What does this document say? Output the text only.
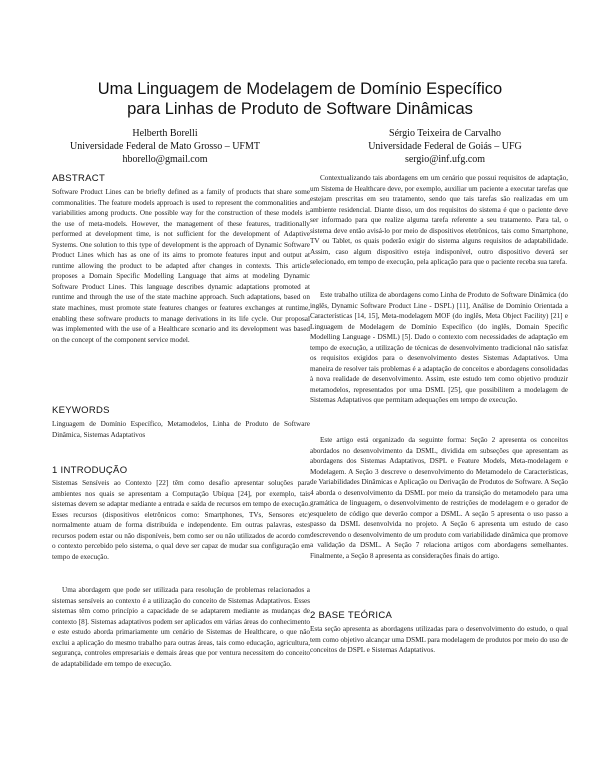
Uma Linguagem de Modelagem de Domínio Específico
para Linhas de Produto de Software Dinâmicas
Helberth Borelli
Universidade Federal de Mato Grosso – UFMT
hborello@gmail.com
Sérgio Teixeira de Carvalho
Universidade Federal de Goiás – UFG
sergio@inf.ufg.com
ABSTRACT

Software Product Lines can be briefly defined as a family of products that share some commonalities. The feature models approach is used to represent the commonalities and variabilities among products. One possible way for the construction of these models is the use of meta-models. However, the management of these features, traditionally performed at development time, is not sufficient for the development of Adaptive Systems. One solution to this type of development is the approach of Dynamic Software Product Lines which has as one of its aims to promote features input and output at runtime allowing the product to be adapted after changes in contexts. This article proposes a Domain Specific Modelling Language that aims at modeling Dynamic Software Product Lines. This language describes dynamic adaptations promoted at runtime and through the use of the state machine approach. Such adaptations, based on state machines, must promote state features changes or features exchanges at runtime, enabling these software products to manage derivations in its life cycle. Our proposal was implemented with the use of a Healthcare scenario and its development was based on the concept of the component service model.

KEYWORDS

Linguagem de Domínio Específico, Metamodelos, Linha de Produto de Software Dinâmica, Sistemas Adaptativos

1 INTRODUÇÃO

Sistemas Sensíveis ao Contexto [22] têm como desafio apresentar soluções para ambientes nos quais se apresentam a Computação Ubíqua [24], por exemplo, tais sistemas devem se adaptar mediante a entrada e saída de recursos em tempo de execução. Esses recursos (dispositivos eletrônicos como: Smartphones, TVs, Sensores etc) normalmente atuam de forma distribuída e independente. Em outras palavras, estes recursos podem estar ou não disponíveis, bem como ser ou não utilizados de acordo com o contexto percebido pelo sistema, o qual deve ser capaz de mudar sua configuração em tempo de execução.

Uma abordagem que pode ser utilizada para resolução de problemas relacionados a sistemas sensíveis ao contexto é a utilização do conceito de Sistemas Adaptativos. Esses sistemas têm como princípio a capacidade de se adaptarem mediante as mudanças de contexto [8]. Sistemas adaptativos podem ser aplicados em várias áreas do conhecimento e este estudo aborda primariamente um cenário de Sistemas de Healthcare, o que não exclui a aplicação do mesmo trabalho para outras áreas, tais como educação, agricultura, segurança, controles empresariais e demais áreas que por ventura necessitem do conceito de adaptabilidade em tempo de execução.

Contextualizando tais abordagens em um cenário que possui requisitos de adaptação, um Sistema de Healthcare deve, por exemplo, auxiliar um paciente a executar tarefas que estejam prescritas em seu tratamento, sendo que tais tarefas são realizadas em um ambiente residencial. Diante disso, um dos requisitos do sistema é que o paciente deve ser informado para que realize alguma tarefa referente a seu tratamento. Para tal, o sistema deve então avisá-lo por meio de dispositivos eletrônicos, tais como Smartphone, TV ou Tablet, os quais poderão exigir do sistema alguns requisitos de adaptabilidade. Assim, caso algum dispositivo esteja indisponível, outro dispositivo deverá ser selecionado, em tempo de execução, pela aplicação para que o paciente receba sua tarefa.

Este trabalho utiliza de abordagens como Linha de Produto de Software Dinâmica (do inglês, Dynamic Software Product Line - DSPL) [11], Análise de Domínio Orientada a Características [14, 15], Meta-modelagem MOF (do inglês, Meta Object Facility) [21] e Linguagem de Modelagem de Domínio Específico (do inglês, Domain Specific Modelling Language - DSML) [5]. Dado o contexto com necessidades de adaptação em tempo de execução, a utilização de técnicas de desenvolvimento tradicional não satisfaz os requisitos exigidos para o desenvolvimento destes Sistemas Adaptativos. Uma maneira de resolver tais problemas é a adaptação de conceitos e abordagens consolidadas à nova realidade de desenvolvimento. Assim, este estudo tem como objetivo produzir metamodelos, representados por uma DSML [25], que possibilitem a modelagem de Sistemas Adaptativos que permitam adequações em tempo de execução.

Este artigo está organizado da seguinte forma: Seção 2 apresenta os conceitos abordados no desenvolvimento da DSML, dividida em subseções que apresentam as abordagens dos Sistemas Adaptativos, DSPL e Feature Models, Meta-modelagem e Modelagem. A Seção 3 descreve o desenvolvimento do Metamodelo de Características, de Variabilidades Dinâmicas e Aplicação ou Derivação de Produtos de Software. A Seção 4 aborda o desenvolvimento da DSML por meio da transição do metamodelo para uma gramática de linguagem, o desenvolvimento de restrições de modelagem e o gerador de esqueleto de código que deverão compor a DSML. A seção 5 apresenta o uso passo a passo da DSML desenvolvida no projeto. A Seção 6 apresenta um estudo de caso descrevendo o desenvolvimento de um produto com variabilidade dinâmica que promove a validação da DSML. A Seção 7 relaciona artigos com abordagens semelhantes. Finalmente, a Seção 8 apresenta as considerações finais do artigo.

2 BASE TEÓRICA

Esta seção apresenta as abordagens utilizadas para o desenvolvimento do estudo, o qual tem como objetivo alcançar uma DSML para modelagem de produtos por meio do uso de conceitos de DSPL e Sistemas Adaptativos.
